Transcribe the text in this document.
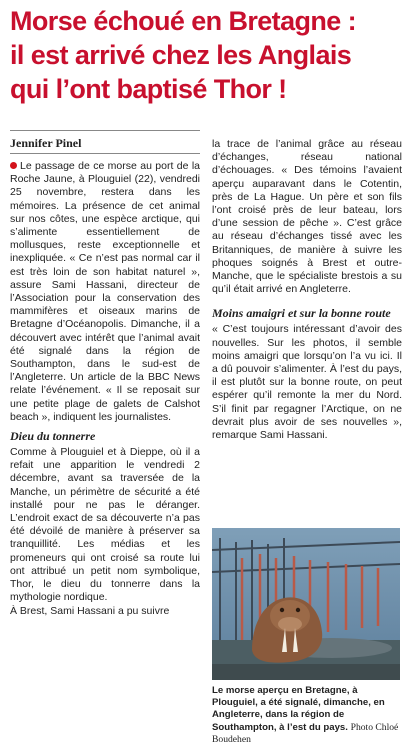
Morse échoué en Bretagne :
il est arrivé chez les Anglais
qui l’ont baptisé Thor !
Jennifer Pinel

Le passage de ce morse au port de la Roche Jaune, à Plouguiel (22), vendredi 25 novembre, restera dans les mémoires. La présence de cet animal sur nos côtes, une espèce arctique, qui s’alimente essentiellement de mollusques, reste exceptionnelle et inexpliquée. « Ce n’est pas normal car il est très loin de son habitat naturel », assure Sami Hassani, directeur de l’Association pour la conservation des mammifères et oiseaux marins de Bretagne d’Océanopolis. Dimanche, il a découvert avec intérêt que l’animal avait été signalé dans la région de Southampton, dans le sud-est de l’Angleterre. Un article de la BBC News relate l’événement. « Il se reposait sur une petite plage de galets de Calshot beach », indiquent les journalistes.

Dieu du tonnerre

Comme à Plouguiel et à Dieppe, où il a refait une apparition le vendredi 2 décembre, avant sa traversée de la Manche, un périmètre de sécurité a été installé pour ne pas le déranger. L’endroit exact de sa découverte n’a pas été dévoilé de manière à préserver sa tranquillité. Les médias et les promeneurs qui ont croisé sa route lui ont attribué un petit nom symbolique, Thor, le dieu du tonnerre dans la mythologie nordique.

À Brest, Sami Hassani a pu suivre

la trace de l’animal grâce au réseau d’échanges, réseau national d’échouages. « Des témoins l’avaient aperçu auparavant dans le Cotentin, près de La Hague. Un père et son fils l’ont croisé près de leur bateau, lors d’une session de pêche ». C’est grâce au réseau d’échanges tissé avec les Britanniques, de manière à suivre les phoques soignés à Brest et outre-Manche, que le spécialiste brestois a su qu’il était arrivé en Angleterre.

Moins amaigri et sur la bonne route

« C’est toujours intéressant d’avoir des nouvelles. Sur les photos, il semble moins amaigri que lorsqu’on l’a vu ici. Il a dû pouvoir s’alimenter. À l’est du pays, il est plutôt sur la bonne route, on peut espérer qu’il remonte la mer du Nord. S’il finit par regagner l’Arctique, on ne devrait plus avoir de ses nouvelles », remarque Sami Hassani.

Le morse aperçu en Bretagne, à Plouguiel, a été signalé, dimanche, en Angleterre, dans la région de Southampton, à l’est du pays. Photo Chloé Boudehen
